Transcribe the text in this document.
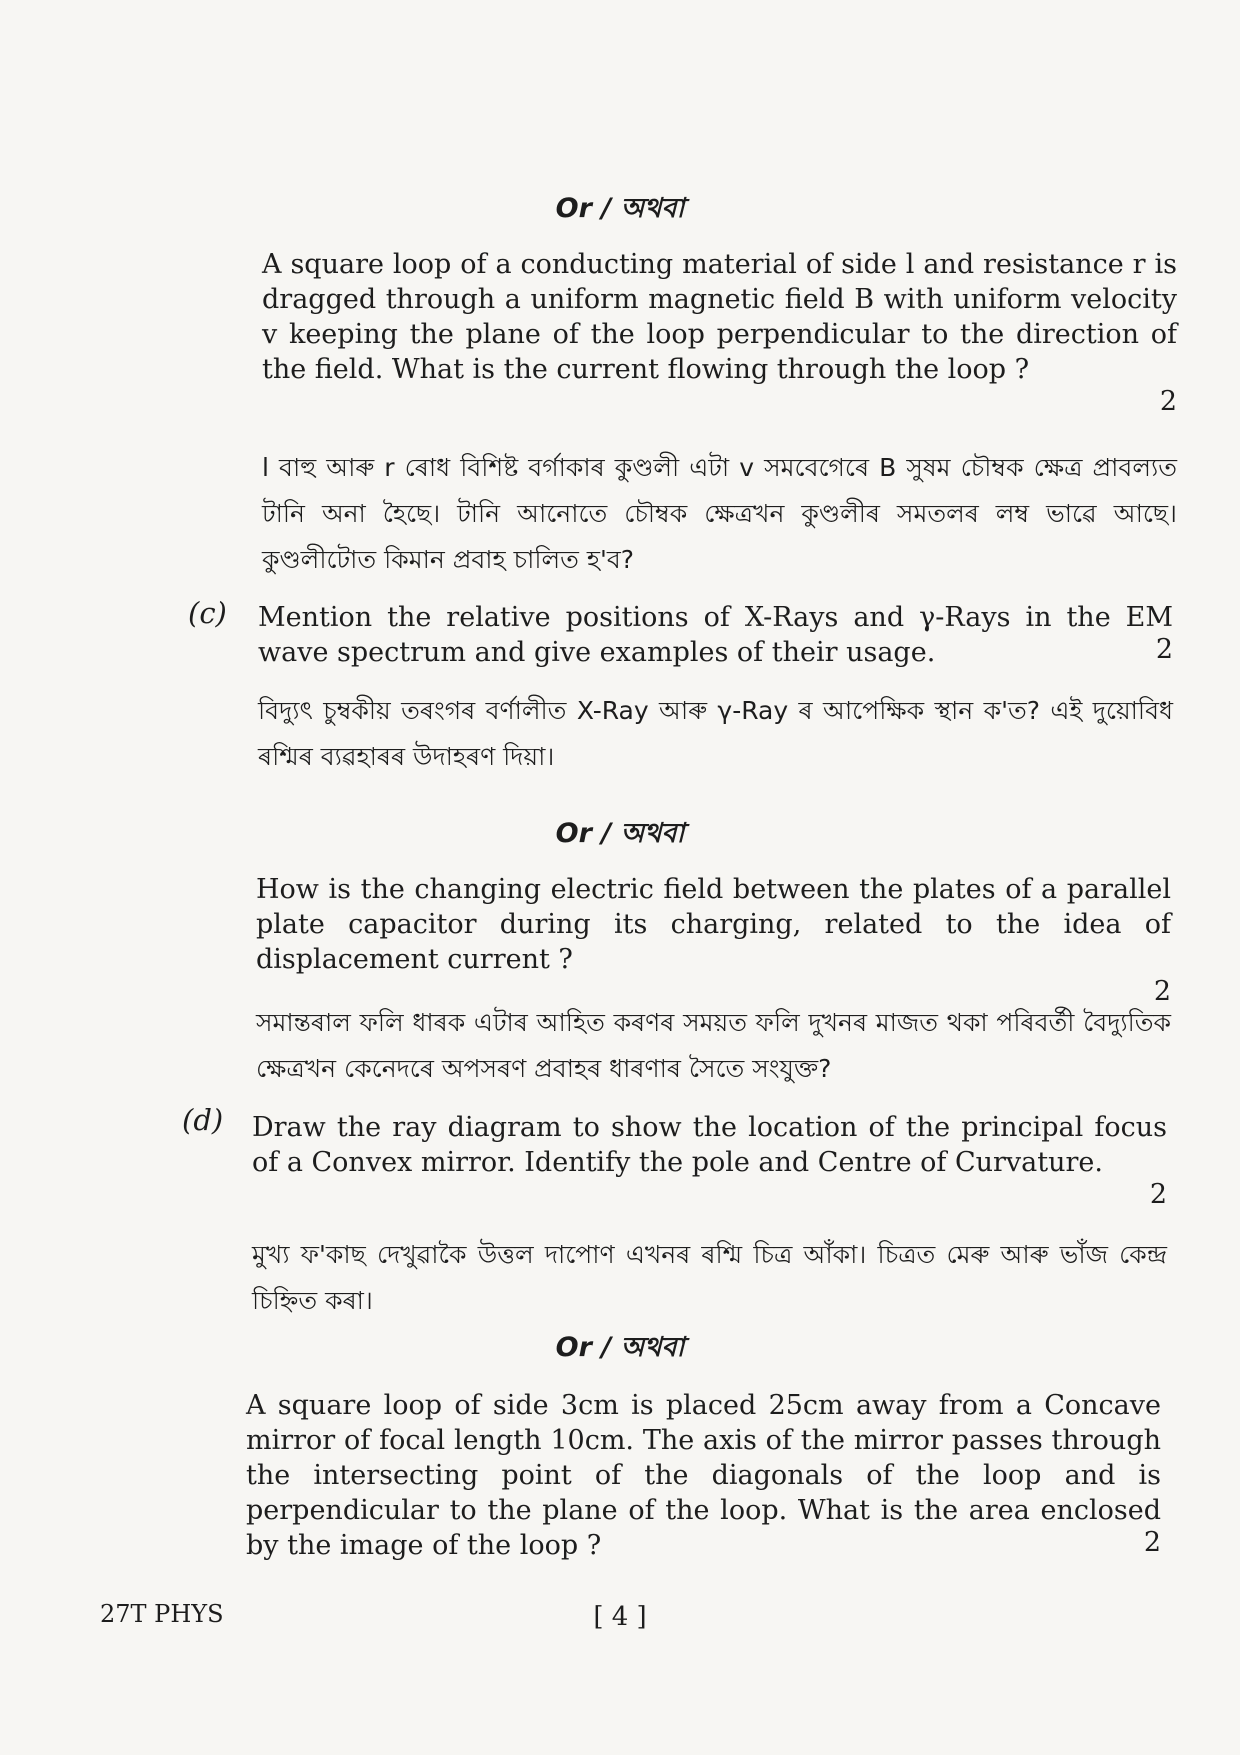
Or / অথবা
A square loop of a conducting material of side l and resistance r is dragged through a uniform magnetic field B with uniform velocity v keeping the plane of the loop perpendicular to the direction of the field. What is the current flowing through the loop ?
2
l বাহু আৰু r ৰোধ বিশিষ্ট বৰ্গাকাৰ কুণ্ডলী এটা v সমবেগেৰে B সুষম চৌম্বক ক্ষেত্ৰ প্ৰাবল্যত টানি অনা হৈছে। টানি আনোতে চৌম্বক ক্ষেত্ৰখন কুণ্ডলীৰ সমতলৰ লম্ব ভাৱে আছে। কুণ্ডলীটোত কিমান প্ৰবাহ চালিত হ'ব?
(c) Mention the relative positions of X-Rays and γ-Rays in the EM wave spectrum and give examples of their usage.	2
বিদ্যুৎ চুম্বকীয় তৰংগৰ বৰ্ণালীত X-Ray আৰু γ-Ray ৰ আপেক্ষিক স্থান ক'ত? এই দুয়োবিধ ৰশ্মিৰ ব্যৱহাৰৰ উদাহৰণ দিয়া।
Or / অথবা
How is the changing electric field between the plates of a parallel plate capacitor during its charging, related to the idea of displacement current ?
2
সমান্তৰাল ফলি ধাৰক এটাৰ আহিত কৰণৰ সময়ত ফলি দুখনৰ মাজত থকা পৰিবৰ্তী বৈদ্যুতিক ক্ষেত্ৰখন কেনেদৰে অপসৰণ প্ৰবাহৰ ধাৰণাৰ সৈতে সংযুক্ত?
(d) Draw the ray diagram to show the location of the principal focus of a Convex mirror. Identify the pole and Centre of Curvature.
2
মুখ্য ফ'কাছ দেখুৱাকৈ উত্তল দাপোণ এখনৰ ৰশ্মি চিত্ৰ আঁকা। চিত্ৰত মেৰু আৰু ভাঁজ কেন্দ্ৰ চিহ্নিত কৰা।
Or / অথবা
A square loop of side 3cm is placed 25cm away from a Concave mirror of focal length 10cm. The axis of the mirror passes through the intersecting point of the diagonals of the loop and is perpendicular to the plane of the loop. What is the area enclosed by the image of the loop ?	2
27T PHYS	[ 4 ]
